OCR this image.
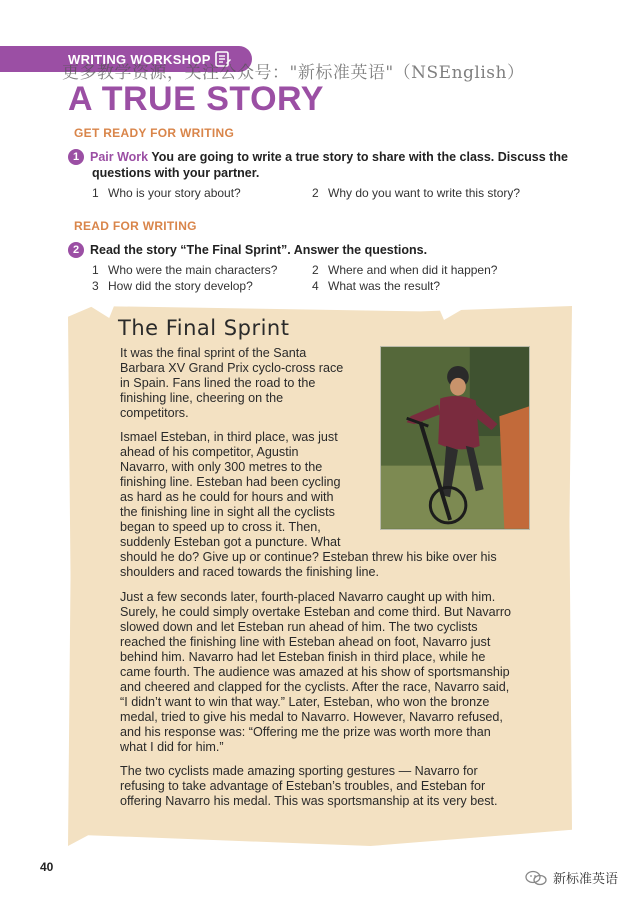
WRITING WORKSHOP
更多教学资源，关注公众号："新标准英语"（NSEnglish）
A TRUE STORY
GET READY FOR WRITING
1 Pair Work You are going to write a true story to share with the class. Discuss the
questions with your partner.
1 Who is your story about?	2 Why do you want to write this story?
READ FOR WRITING
2 Read the story “The Final Sprint”. Answer the questions.
1 Who were the main characters?	2 Where and when did it happen?
3 How did the story develop?	4 What was the result?
The Final Sprint
It was the final sprint of the Santa
Barbara XV Grand Prix cyclo-cross race
in Spain. Fans lined the road to the
finishing line, cheering on the
competitors.
Ismael Esteban, in third place, was just
ahead of his competitor, Agustin
Navarro, with only 300 metres to the
finishing line. Esteban had been cycling
as hard as he could for hours and with
the finishing line in sight all the cyclists
began to speed up to cross it. Then,
suddenly Esteban got a puncture. What
should he do? Give up or continue? Esteban threw his bike over his
shoulders and raced towards the finishing line.
Just a few seconds later, fourth-placed Navarro caught up with him.
Surely, he could simply overtake Esteban and come third. But Navarro
slowed down and let Esteban run ahead of him. The two cyclists
reached the finishing line with Esteban ahead on foot, Navarro just
behind him. Navarro had let Esteban finish in third place, while he
came fourth. The audience was amazed at his show of sportsmanship
and cheered and clapped for the cyclists. After the race, Navarro said,
“I didn’t want to win that way.” Later, Esteban, who won the bronze
medal, tried to give his medal to Navarro. However, Navarro refused,
and his response was: “Offering me the prize was worth more than
what I did for him.”
The two cyclists made amazing sporting gestures — Navarro for
refusing to take advantage of Esteban’s troubles, and Esteban for
offering Navarro his medal. This was sportsmanship at its very best.
40
新标准英语
